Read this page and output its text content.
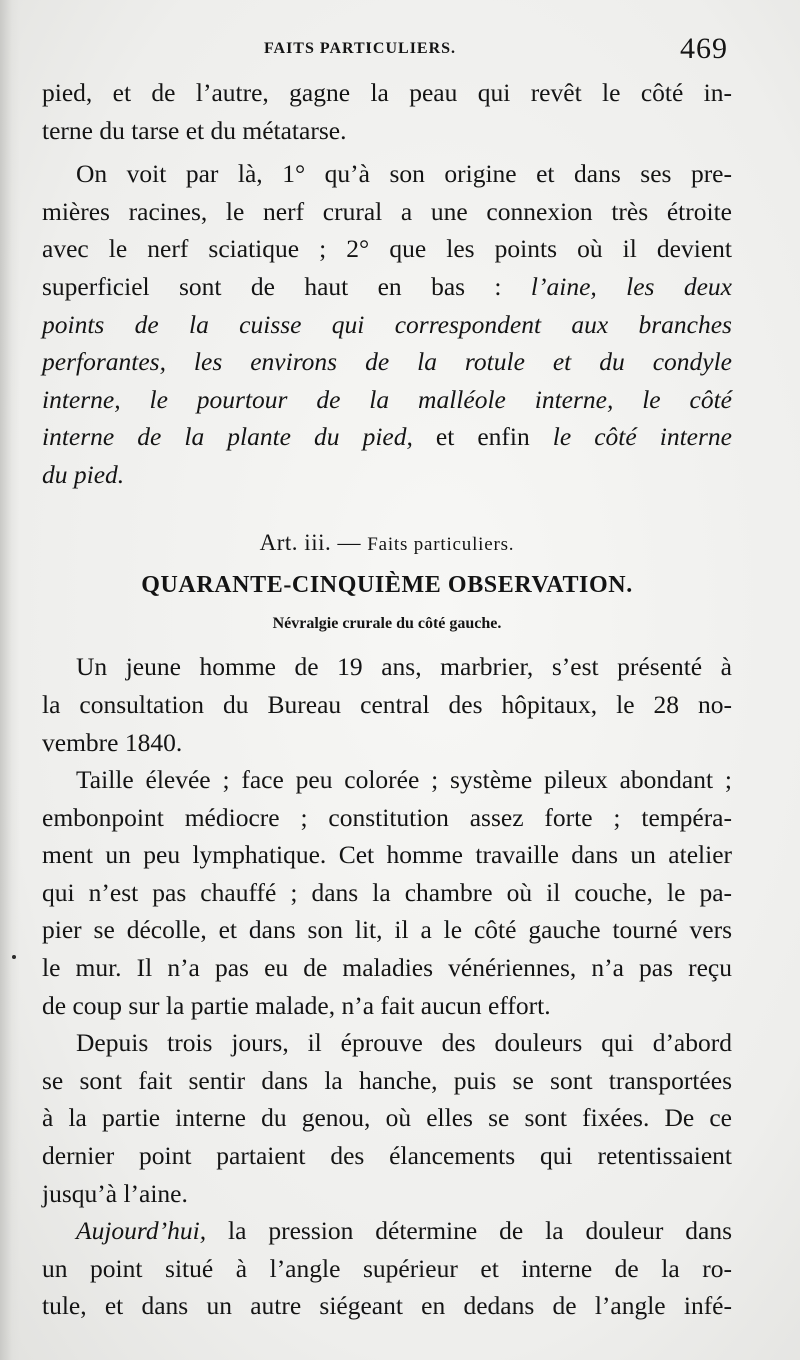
FAITS PARTICULIERS.	469

pied, et de l’autre, gagne la peau qui revêt le côté in-

terne du tarse et du métatarse.

On voit par là, 1° qu’à son origine et dans ses pre-

mières racines, le nerf crural a une connexion très étroite

avec le nerf sciatique ; 2° que les points où il devient

superficiel sont de haut en bas : l’aine, les deux

points de la cuisse qui correspondent aux branches

perforantes, les environs de la rotule et du condyle

interne, le pourtour de la malléole interne, le côté

interne de la plante du pied, et enfin le côté interne

du pied.

Art. iii. — Faits particuliers.
QUARANTE-CINQUIÈME OBSERVATION.
Névralgie crurale du côté gauche.

Un jeune homme de 19 ans, marbrier, s’est présenté à

la consultation du Bureau central des hôpitaux, le 28 no-

vembre 1840.

Taille élevée ; face peu colorée ; système pileux abondant ;

embonpoint médiocre ; constitution assez forte ; tempéra-

ment un peu lymphatique. Cet homme travaille dans un atelier

qui n’est pas chauffé ; dans la chambre où il couche, le pa-

pier se décolle, et dans son lit, il a le côté gauche tourné vers

le mur. Il n’a pas eu de maladies vénériennes, n’a pas reçu

de coup sur la partie malade, n’a fait aucun effort.

Depuis trois jours, il éprouve des douleurs qui d’abord

se sont fait sentir dans la hanche, puis se sont transportées

à la partie interne du genou, où elles se sont fixées. De ce

dernier point partaient des élancements qui retentissaient

jusqu’à l’aine.

Aujourd’hui, la pression détermine de la douleur dans

un point situé à l’angle supérieur et interne de la ro-

tule, et dans un autre siégeant en dedans de l’angle infé-
